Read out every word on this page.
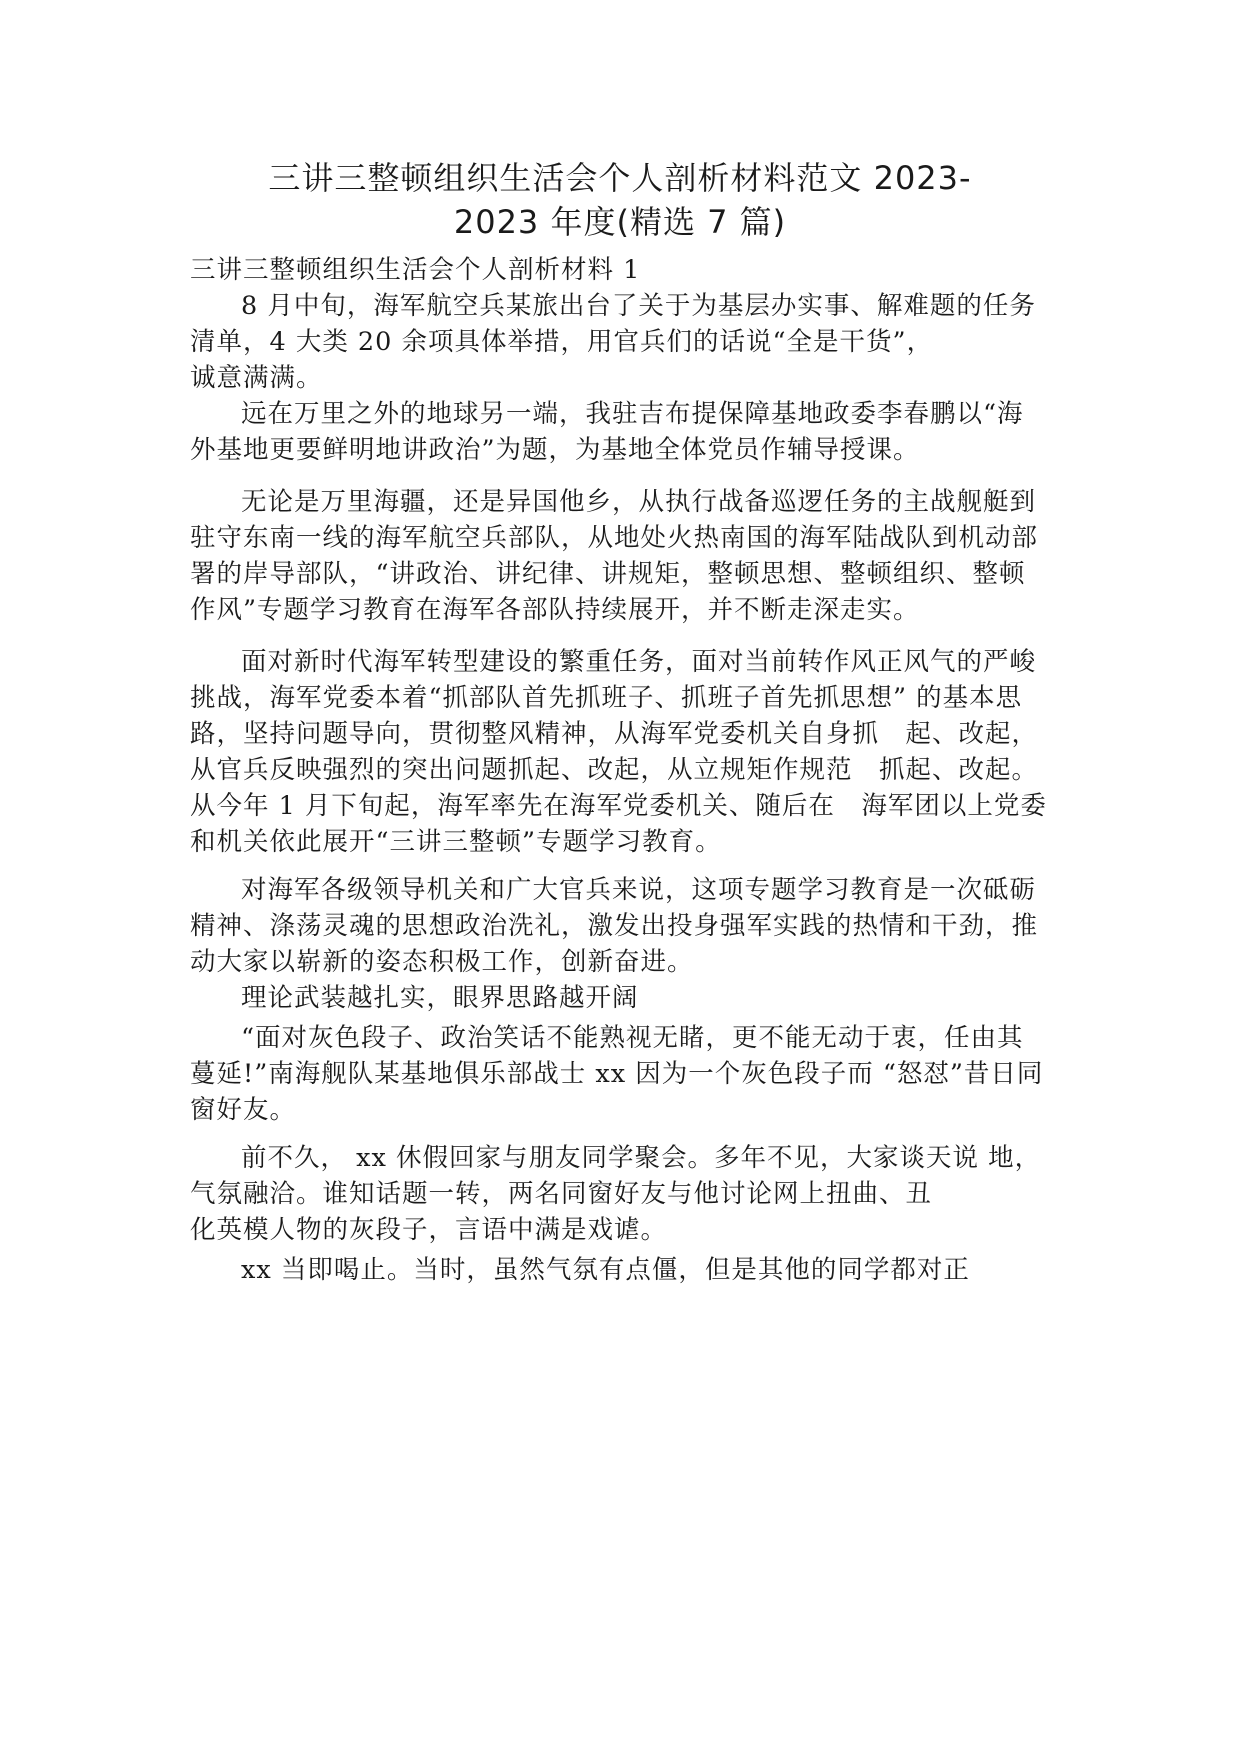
三讲三整顿组织生活会个人剖析材料范文 2023-
2023 年度(精选 7 篇)

三讲三整顿组织生活会个人剖析材料 1

8 月中旬，海军航空兵某旅出台了关于为基层办实事、解难题的任务清单，4 大类 20 余项具体举措，用官兵们的话说“全是干货”，

诚意满满。

远在万里之外的地球另一端，我驻吉布提保障基地政委李春鹏以“海外基地更要鲜明地讲政治”为题，为基地全体党员作辅导授课。

无论是万里海疆，还是异国他乡，从执行战备巡逻任务的主战舰艇到驻守东南一线的海军航空兵部队，从地处火热南国的海军陆战队到机动部署的岸导部队，“讲政治、讲纪律、讲规矩，整顿思想、整顿组织、整顿作风”专题学习教育在海军各部队持续展开，并不断走深走实。

面对新时代海军转型建设的繁重任务，面对当前转作风正风气的严峻挑战，海军党委本着“抓部队首先抓班子、抓班子首先抓思想” 的基本思路，坚持问题导向，贯彻整风精神，从海军党委机关自身抓　起、改起，从官兵反映强烈的突出问题抓起、改起，从立规矩作规范　抓起、改起。从今年 1 月下旬起，海军率先在海军党委机关、随后在　海军团以上党委和机关依此展开“三讲三整顿”专题学习教育。

对海军各级领导机关和广大官兵来说，这项专题学习教育是一次砥砺精神、涤荡灵魂的思想政治洗礼，激发出投身强军实践的热情和干劲，推动大家以崭新的姿态积极工作，创新奋进。

理论武装越扎实，眼界思路越开阔

“面对灰色段子、政治笑话不能熟视无睹，更不能无动于衷，任由其蔓延!”南海舰队某基地俱乐部战士 xx 因为一个灰色段子而 “怒怼”昔日同窗好友。

前不久， xx 休假回家与朋友同学聚会。多年不见，大家谈天说 地，气氛融洽。谁知话题一转，两名同窗好友与他讨论网上扭曲、丑

化英模人物的灰段子，言语中满是戏谑。

xx 当即喝止。当时，虽然气氛有点僵，但是其他的同学都对正
